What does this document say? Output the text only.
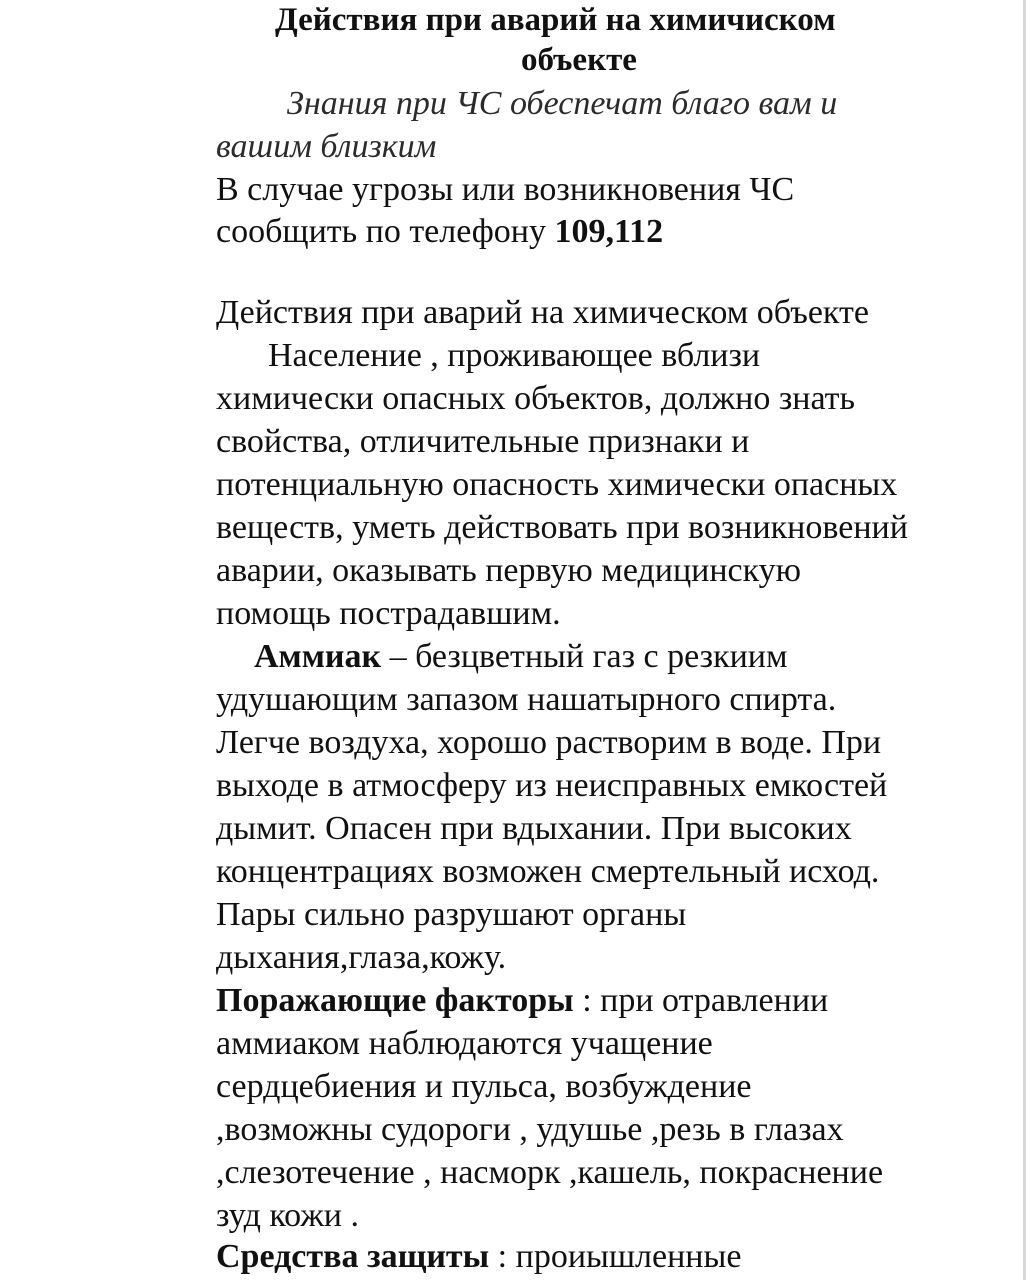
Действия при аварий на химичиском
объекте
Знания при ЧС обеспечат благо вам и
вашим близким
В случае угрозы или возникновения ЧС
сообщить по телефону 109,112
Действия при аварий на химическом объекте
Население , проживающее вблизи
химически опасных объектов, должно знать
свойства, отличительные признаки и
потенциальную опасность химически опасных
веществ, уметь действовать при возникновений
аварии, оказывать первую медицинскую
помощь пострадавшим.
Аммиак – безцветный газ с резкиим
удушающим запазом нашатырного спирта.
Легче воздуха, хорошо растворим в воде. При
выходе в атмосферу из неисправных емкостей
дымит. Опасен при вдыхании. При высоких
концентрациях возможен смертельный исход.
Пары сильно разрушают органы
дыхания,глаза,кожу.
Поражающие факторы : при отравлении
аммиаком наблюдаются учащение
сердцебиения и пульса, возбуждение
,возможны судороги , удушье ,резь в глазах
,слезотечение , насморк ,кашель, покраснение
зуд кожи .
Средства защиты : проиышленные
